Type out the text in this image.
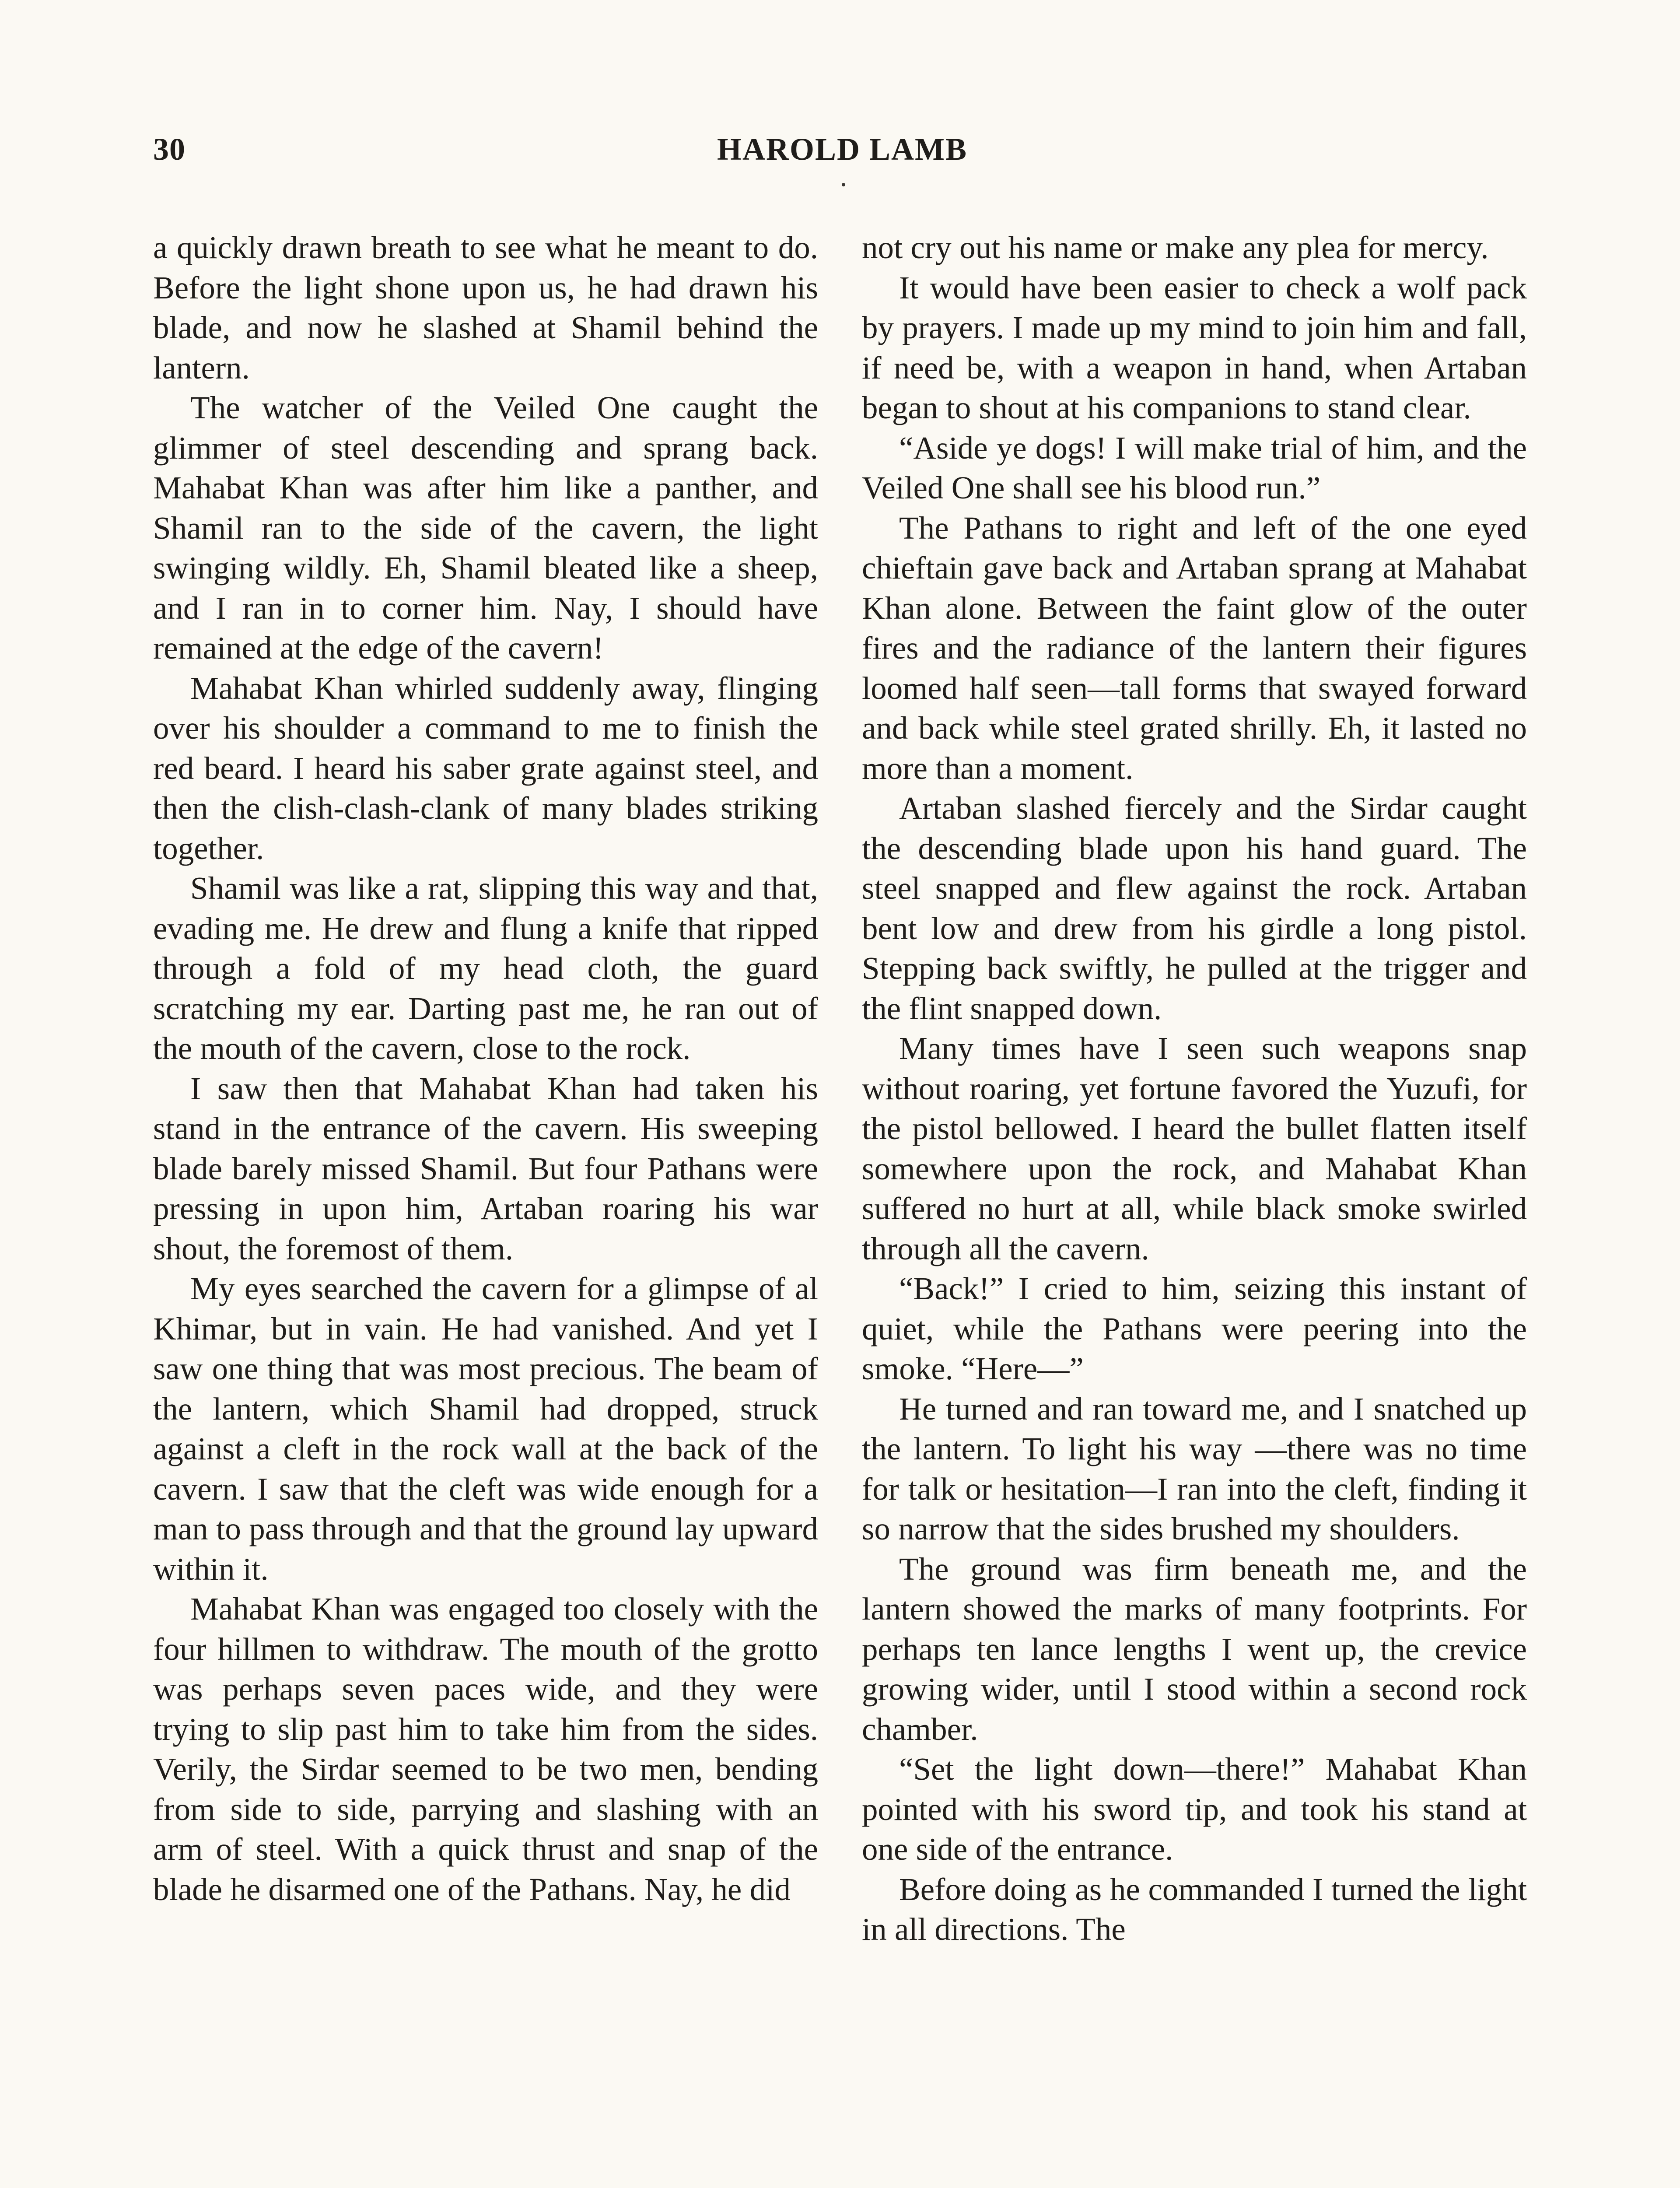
HAROLD LAMB
30

a quickly drawn breath to see what he meant to do. Before the light shone upon us, he had drawn his blade, and now he slashed at Shamil behind the lantern.

The watcher of the Veiled One caught the glimmer of steel descending and sprang back. Mahabat Khan was after him like a panther, and Shamil ran to the side of the cavern, the light swinging wildly. Eh, Shamil bleated like a sheep, and I ran in to corner him. Nay, I should have remained at the edge of the cavern!

Mahabat Khan whirled suddenly away, flinging over his shoulder a command to me to finish the red beard. I heard his saber grate against steel, and then the clish-clash-clank of many blades striking together.

Shamil was like a rat, slipping this way and that, evading me. He drew and flung a knife that ripped through a fold of my head cloth, the guard scratching my ear. Darting past me, he ran out of the mouth of the cavern, close to the rock.

I saw then that Mahabat Khan had taken his stand in the entrance of the cavern. His sweeping blade barely missed Shamil. But four Pathans were pressing in upon him, Artaban roaring his war shout, the foremost of them.

My eyes searched the cavern for a glimpse of al Khimar, but in vain. He had vanished. And yet I saw one thing that was most precious. The beam of the lantern, which Shamil had dropped, struck against a cleft in the rock wall at the back of the cavern. I saw that the cleft was wide enough for a man to pass through and that the ground lay upward within it.

Mahabat Khan was engaged too closely with the four hillmen to withdraw. The mouth of the grotto was perhaps seven paces wide, and they were trying to slip past him to take him from the sides. Verily, the Sirdar seemed to be two men, bending from side to side, parrying and slashing with an arm of steel. With a quick thrust and snap of the blade he disarmed one of the Pathans. Nay, he did

not cry out his name or make any plea for mercy.

It would have been easier to check a wolf pack by prayers. I made up my mind to join him and fall, if need be, with a weapon in hand, when Artaban began to shout at his companions to stand clear.

“Aside ye dogs! I will make trial of him, and the Veiled One shall see his blood run.”

The Pathans to right and left of the one eyed chieftain gave back and Artaban sprang at Mahabat Khan alone. Between the faint glow of the outer fires and the radiance of the lantern their figures loomed half seen—tall forms that swayed forward and back while steel grated shrilly. Eh, it lasted no more than a moment.

Artaban slashed fiercely and the Sirdar caught the descending blade upon his hand guard. The steel snapped and flew against the rock. Artaban bent low and drew from his girdle a long pistol. Stepping back swiftly, he pulled at the trigger and the flint snapped down.

Many times have I seen such weapons snap without roaring, yet fortune favored the Yuzufi, for the pistol bellowed. I heard the bullet flatten itself somewhere upon the rock, and Mahabat Khan suffered no hurt at all, while black smoke swirled through all the cavern.

“Back!” I cried to him, seizing this instant of quiet, while the Pathans were peering into the smoke. “Here—”

He turned and ran toward me, and I snatched up the lantern. To light his way —there was no time for talk or hesitation—I ran into the cleft, finding it so narrow that the sides brushed my shoulders.

The ground was firm beneath me, and the lantern showed the marks of many footprints. For perhaps ten lance lengths I went up, the crevice growing wider, until I stood within a second rock chamber.

“Set the light down—there!” Mahabat Khan pointed with his sword tip, and took his stand at one side of the entrance.

Before doing as he commanded I turned the light in all directions. The
